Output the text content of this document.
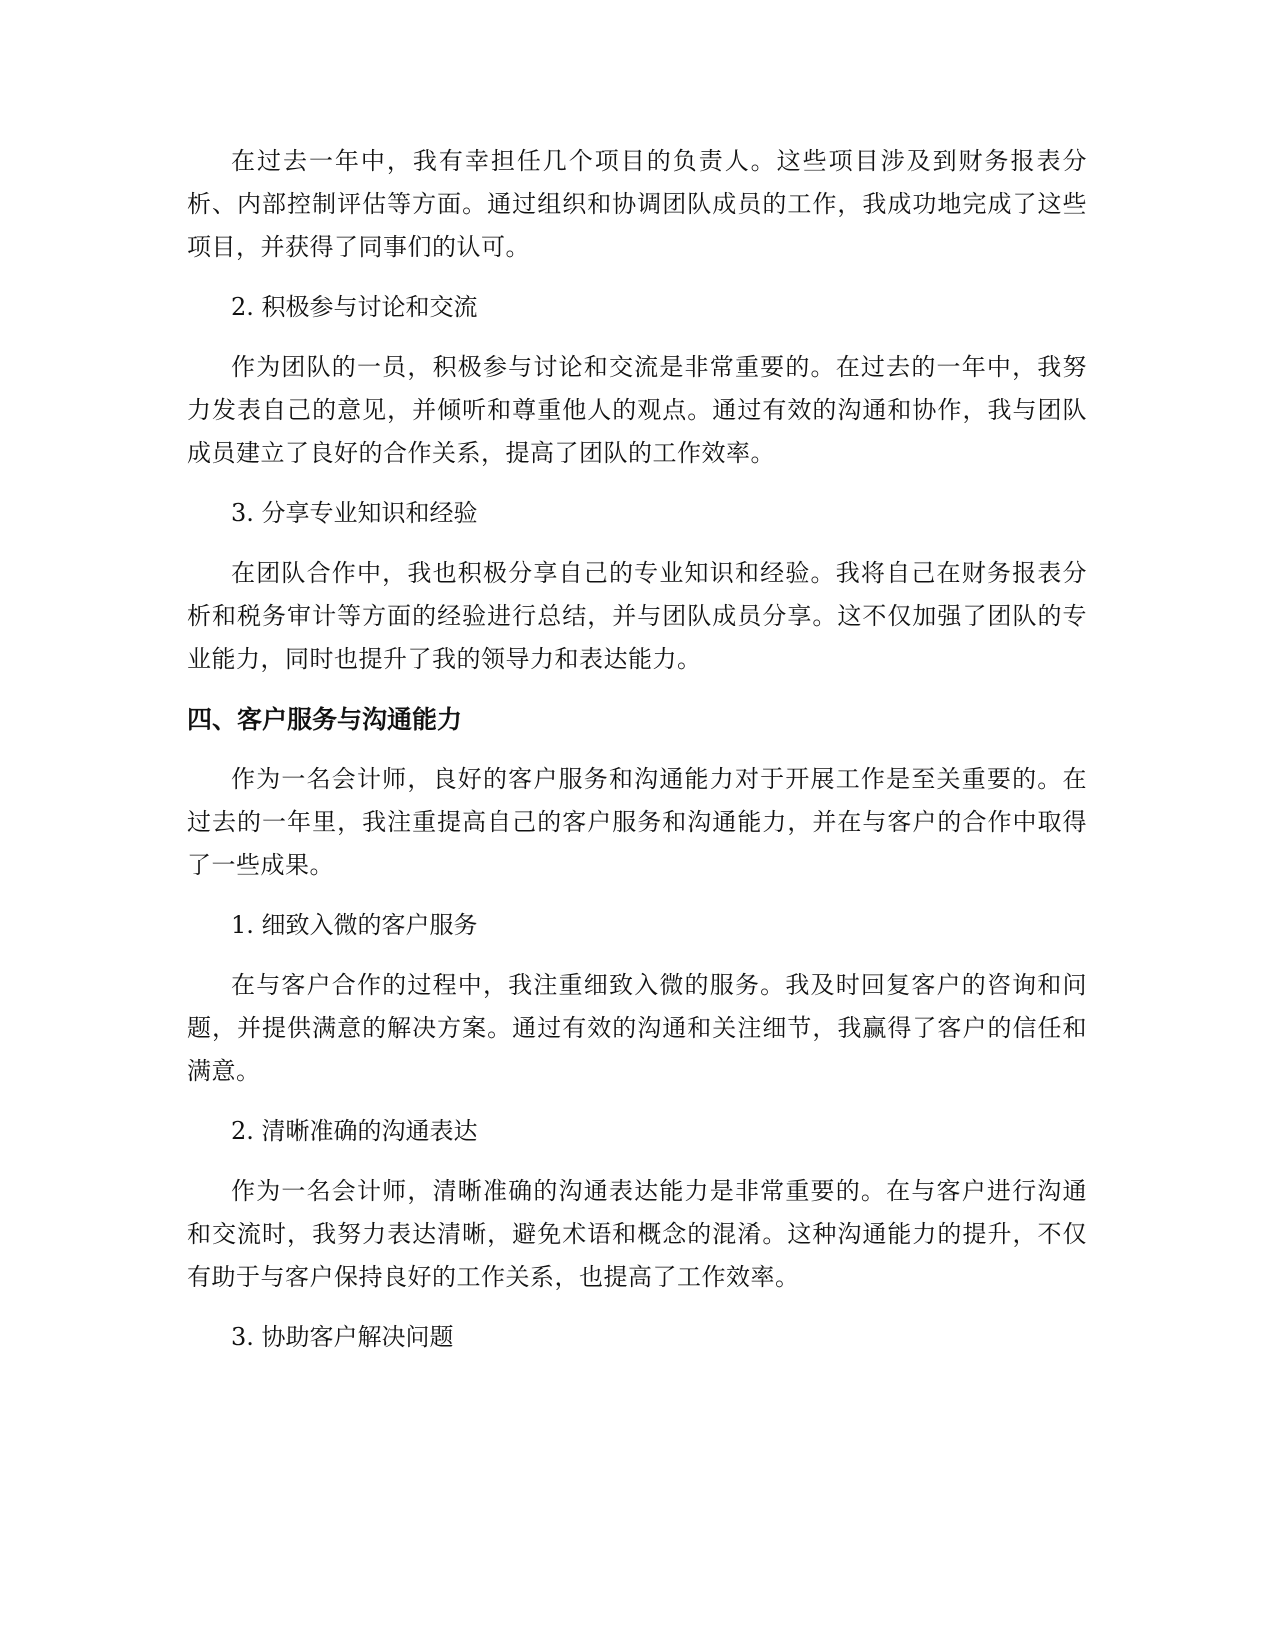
在过去一年中，我有幸担任几个项目的负责人。这些项目涉及到财务报表分析、内部控制评估等方面。通过组织和协调团队成员的工作，我成功地完成了这些项目，并获得了同事们的认可。

2. 积极参与讨论和交流

作为团队的一员，积极参与讨论和交流是非常重要的。在过去的一年中，我努力发表自己的意见，并倾听和尊重他人的观点。通过有效的沟通和协作，我与团队成员建立了良好的合作关系，提高了团队的工作效率。

3. 分享专业知识和经验

在团队合作中，我也积极分享自己的专业知识和经验。我将自己在财务报表分析和税务审计等方面的经验进行总结，并与团队成员分享。这不仅加强了团队的专业能力，同时也提升了我的领导力和表达能力。

四、客户服务与沟通能力

作为一名会计师，良好的客户服务和沟通能力对于开展工作是至关重要的。在过去的一年里，我注重提高自己的客户服务和沟通能力，并在与客户的合作中取得了一些成果。

1. 细致入微的客户服务

在与客户合作的过程中，我注重细致入微的服务。我及时回复客户的咨询和问题，并提供满意的解决方案。通过有效的沟通和关注细节，我赢得了客户的信任和满意。

2. 清晰准确的沟通表达

作为一名会计师，清晰准确的沟通表达能力是非常重要的。在与客户进行沟通和交流时，我努力表达清晰，避免术语和概念的混淆。这种沟通能力的提升，不仅有助于与客户保持良好的工作关系，也提高了工作效率。

3. 协助客户解决问题
